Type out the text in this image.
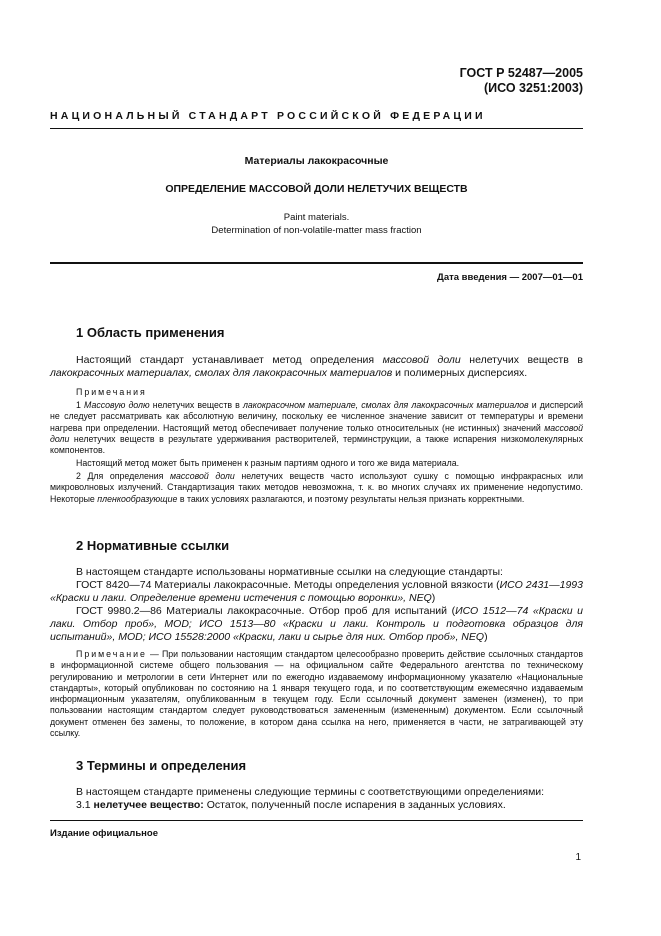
ГОСТ Р 52487—2005
(ИСО 3251:2003)
НАЦИОНАЛЬНЫЙ СТАНДАРТ РОССИЙСКОЙ ФЕДЕРАЦИИ
Материалы лакокрасочные
ОПРЕДЕЛЕНИЕ МАССОВОЙ ДОЛИ НЕЛЕТУЧИХ ВЕЩЕСТВ
Paint materials.
Determination of non-volatile-matter mass fraction
Дата введения — 2007—01—01
1 Область применения
Настоящий стандарт устанавливает метод определения массовой доли нелетучих веществ в лакокрасочных материалах, смолах для лакокрасочных материалов и полимерных дисперсиях.
Примечания
1 Массовую долю нелетучих веществ в лакокрасочном материале, смолах для лакокрасочных материалов и дисперсий не следует рассматривать как абсолютную величину, поскольку ее численное значение зависит от температуры и времени нагрева при определении. Настоящий метод обеспечивает получение только относительных (не истинных) значений массовой доли нелетучих веществ в результате удерживания растворителей, терминструкции, а также испарения низкомолекулярных компонентов.
Настоящий метод может быть применен к разным партиям одного и того же вида материала.
2 Для определения массовой доли нелетучих веществ часто используют сушку с помощью инфракрасных или микроволновых излучений. Стандартизация таких методов невозможна, т. к. во многих случаях их применение недопустимо. Некоторые пленкообразующие в таких условиях разлагаются, и поэтому результаты нельзя признать корректными.
2 Нормативные ссылки
В настоящем стандарте использованы нормативные ссылки на следующие стандарты:
ГОСТ 8420—74 Материалы лакокрасочные. Методы определения условной вязкости (ИСО 2431—1993 «Краски и лаки. Определение времени истечения с помощью воронки», NEQ)
ГОСТ 9980.2—86 Материалы лакокрасочные. Отбор проб для испытаний (ИСО 1512—74 «Краски и лаки. Отбор проб», MOD; ИСО 1513—80 «Краски и лаки. Контроль и подготовка образцов для испытаний», MOD; ИСО 15528:2000 «Краски, лаки и сырье для них. Отбор проб», NEQ)
Примечание — При пользовании настоящим стандартом целесообразно проверить действие ссылочных стандартов в информационной системе общего пользования — на официальном сайте Федерального агентства по техническому регулированию и метрологии в сети Интернет или по ежегодно издаваемому информационному указателю «Национальные стандарты», который опубликован по состоянию на 1 января текущего года, и по соответствующим ежемесячно издаваемым информационным указателям, опубликованным в текущем году. Если ссылочный документ заменен (изменен), то при пользовании настоящим стандартом следует руководствоваться замененным (измененным) документом. Если ссылочный документ отменен без замены, то положение, в котором дана ссылка на него, применяется в части, не затрагивающей эту ссылку.
3 Термины и определения
В настоящем стандарте применены следующие термины с соответствующими определениями:
3.1 нелетучее вещество: Остаток, полученный после испарения в заданных условиях.
Издание официальное
1
